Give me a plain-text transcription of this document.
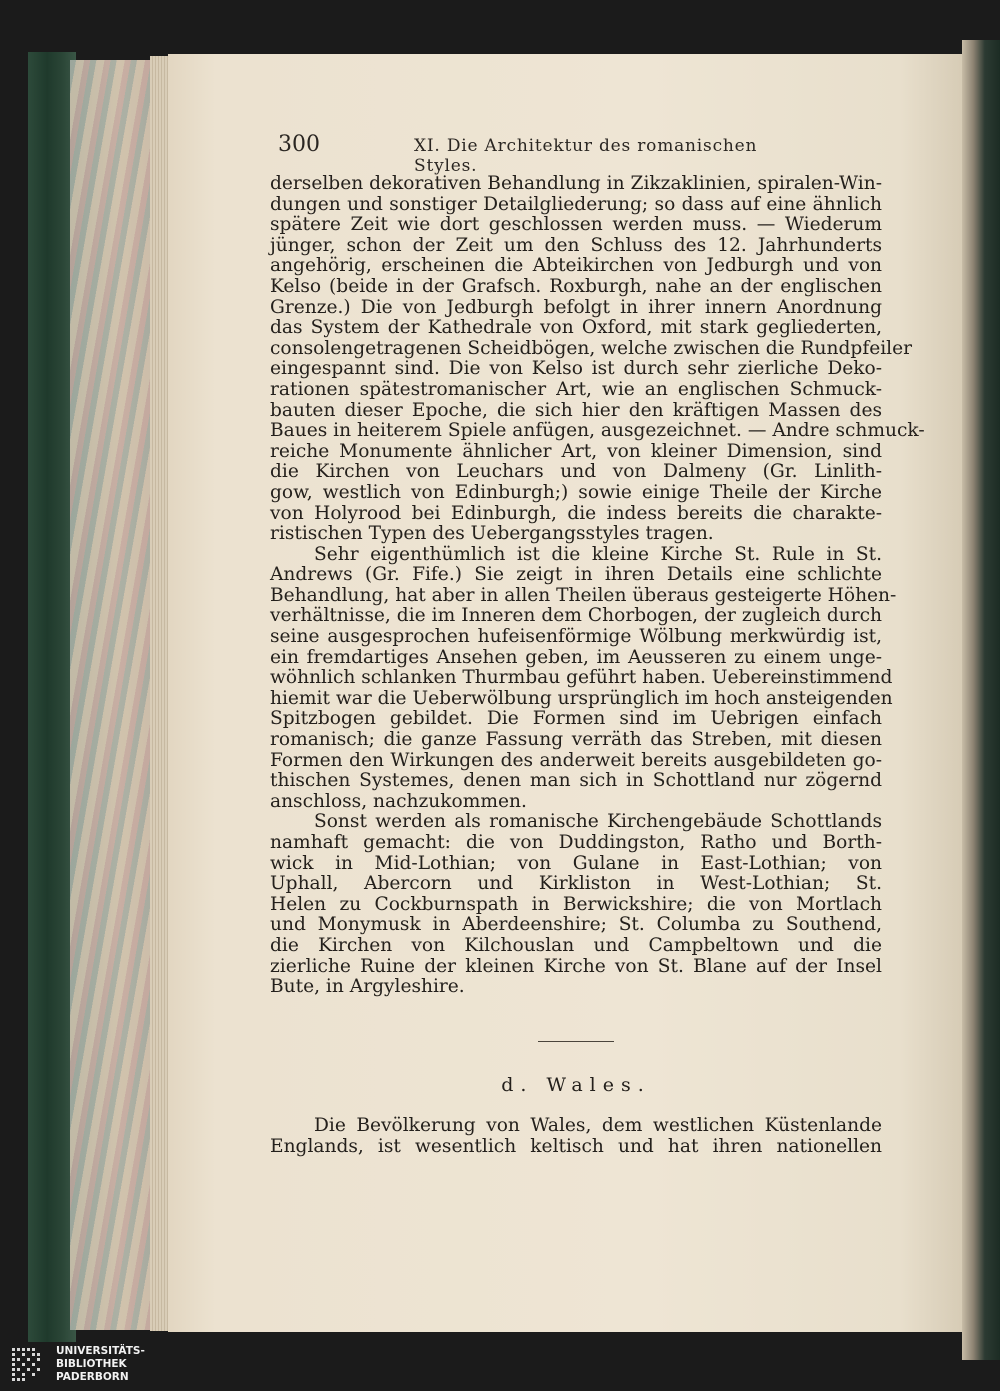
300	XI. Die Architektur des romanischen Styles.
derselben dekorativen Behandlung in Zikzaklinien, spiralen-Win-
dungen und sonstiger Detailgliederung; so dass auf eine ähnlich
spätere Zeit wie dort geschlossen werden muss. — Wiederum
jünger, schon der Zeit um den Schluss des 12. Jahrhunderts
angehörig, erscheinen die Abteikirchen von Jedburgh und von
Kelso (beide in der Grafsch. Roxburgh, nahe an der englischen
Grenze.) Die von Jedburgh befolgt in ihrer innern Anordnung
das System der Kathedrale von Oxford, mit stark gegliederten,
consolengetragenen Scheidbögen, welche zwischen die Rundpfeiler
eingespannt sind. Die von Kelso ist durch sehr zierliche Deko-
rationen spätestromanischer Art, wie an englischen Schmuck-
bauten dieser Epoche, die sich hier den kräftigen Massen des
Baues in heiterem Spiele anfügen, ausgezeichnet. — Andre schmuck-
reiche Monumente ähnlicher Art, von kleiner Dimension, sind
die Kirchen von Leuchars und von Dalmeny (Gr. Linlith-
gow, westlich von Edinburgh;) sowie einige Theile der Kirche
von Holyrood bei Edinburgh, die indess bereits die charakte-
ristischen Typen des Uebergangsstyles tragen.
Sehr eigenthümlich ist die kleine Kirche St. Rule in St.
Andrews (Gr. Fife.) Sie zeigt in ihren Details eine schlichte
Behandlung, hat aber in allen Theilen überaus gesteigerte Höhen-
verhältnisse, die im Inneren dem Chorbogen, der zugleich durch
seine ausgesprochen hufeisenförmige Wölbung merkwürdig ist,
ein fremdartiges Ansehen geben, im Aeusseren zu einem unge-
wöhnlich schlanken Thurmbau geführt haben. Uebereinstimmend
hiemit war die Ueberwölbung ursprünglich im hoch ansteigenden
Spitzbogen gebildet. Die Formen sind im Uebrigen einfach
romanisch; die ganze Fassung verräth das Streben, mit diesen
Formen den Wirkungen des anderweit bereits ausgebildeten go-
thischen Systemes, denen man sich in Schottland nur zögernd
anschloss, nachzukommen.
Sonst werden als romanische Kirchengebäude Schottlands
namhaft gemacht: die von Duddingston, Ratho und Borth-
wick in Mid-Lothian; von Gulane in East-Lothian; von
Uphall, Abercorn und Kirkliston in West-Lothian; St.
Helen zu Cockburnspath in Berwickshire; die von Mortlach
und Monymusk in Aberdeenshire; St. Columba zu Southend,
die Kirchen von Kilchouslan und Campbeltown und die
zierliche Ruine der kleinen Kirche von St. Blane auf der Insel
Bute, in Argyleshire.
d. Wales.
Die Bevölkerung von Wales, dem westlichen Küstenlande
Englands, ist wesentlich keltisch und hat ihren nationellen
UNIVERSITÄTS-
BIBLIOTHEK
PADERBORN
